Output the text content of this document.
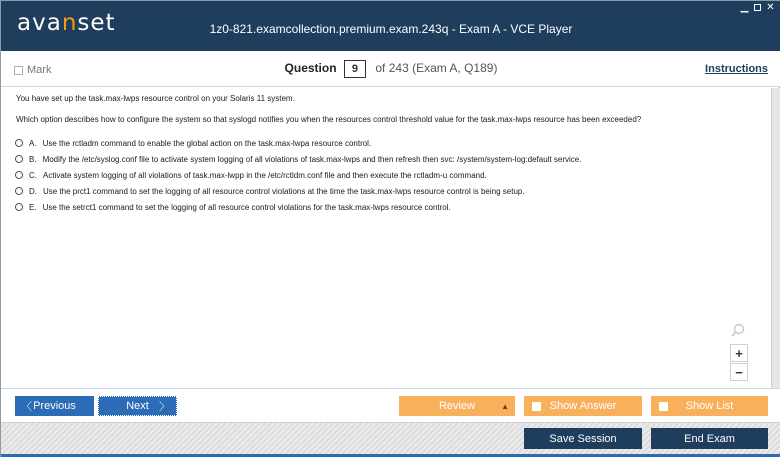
avanset	1z0-821.examcollection.premium.exam.243q - Exam A - VCE Player
▁ ✕
Mark	Question 9 of 243 (Exam A, Q189)	Instructions
You have set up the task.max-lwps resource control on your Solaris 11 system.
Which option describes how to configure the system so that syslogd notifies you when the resources control threshold value for the task.max-lwps resource has been exceeded?
A. Use the rctladm command to enable the global action on the task.max-lwpa resource control.
B. Modify the /etc/syslog.conf file to activate system logging of all violations of task.max-lwps and then refresh then svc: /system/system-log:default service.
C. Activate system logging of all violations of task.max-lwpp in the /etc/rctldm.conf file and then execute the rctladm-u command.
D. Use the prct1 command to set the logging of all resource control violations at the time the task.max-lwps resource control is being setup.
E. Use the setrct1 command to set the logging of all resource control violations for the task.max-lwps resource control.
+
−
〈 Previous	Next 〉	Review	▲	Show Answer	Show List
Save Session	End Exam
